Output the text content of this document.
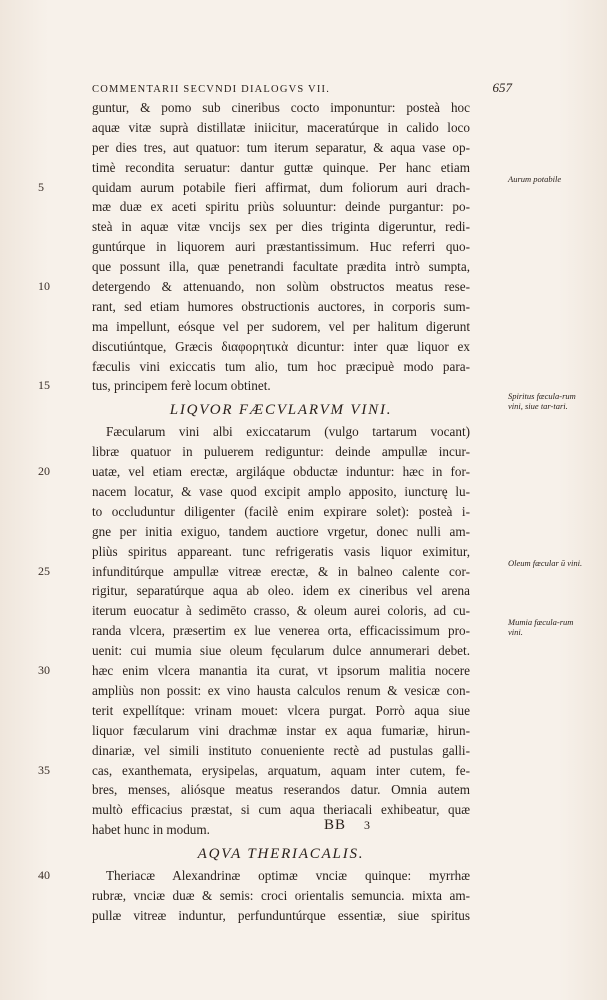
COMMENTARII SECVNDI DIALOGVS VII.	657
guntur, & pomo sub cineribus cocto imponuntur: posteà hoc
aquæ vitæ suprà distillatæ iniicitur, maceratúrque in calido loco
per dies tres, aut quatuor: tum iterum separatur, & aqua vase op-
timè recondita seruatur: dantur guttæ quinque. Per hanc etiam
5	quidam aurum potabile fieri affirmat, dum foliorum auri drach-
mæ duæ ex aceti spiritu priùs soluuntur: deinde purgantur: po-
steà in aquæ vitæ vncijs sex per dies triginta digeruntur, redi-
guntúrque in liquorem auri præstantissimum. Huc referri quo-
que possunt illa, quæ penetrandi facultate prædita intrò sumpta,
10	detergendo & attenuando, non solùm obstructos meatus rese-
rant, sed etiam humores obstructionis auctores, in corporis sum-
ma impellunt, eósque vel per sudorem, vel per halitum digerunt
discutiúntque, Græcis διαφορητικὰ dicuntur: inter quæ liquor ex
fæculis vini exiccatis tum alio, tum hoc præcipuè modo para-
15	tus, principem ferè locum obtinet.
LIQVOR FÆCVLARVM VINI.
Fæcularum vini albi exiccatarum (vulgo tartarum vocant)
libræ quatuor in puluerem rediguntur: deinde ampullæ incur-
20	uatæ, vel etiam erectæ, argiláque obductæ induntur: hæc in for-
nacem locatur, & vase quod excipit amplo apposito, iuncturę lu-
to occluduntur diligenter (facilè enim expirare solet): posteà i-
gne per initia exiguo, tandem auctiore vrgetur, donec nulli am-
pliùs spiritus appareant. tunc refrigeratis vasis liquor eximitur,
25	infunditúrque ampullæ vitreæ erectæ, & in balneo calente cor-
rigitur, separatúrque aqua ab oleo. idem ex cineribus vel arena
iterum euocatur à sedimēto crasso, & oleum aurei coloris, ad cu-
randa vlcera, præsertim ex lue venerea orta, efficacissimum pro-
uenit: cui mumia siue oleum fęcularum dulce annumerari debet.
30	hæc enim vlcera manantia ita curat, vt ipsorum malitia nocere
ampliùs non possit: ex vino hausta calculos renum & vesicæ con-
terit expellítque: vrinam mouet: vlcera purgat. Porrò aqua siue
liquor fæcularum vini drachmæ instar ex aqua fumariæ, hirun-
dinariæ, vel simili instituto conueniente rectè ad pustulas galli-
35	cas, exanthemata, erysipelas, arquatum, aquam inter cutem, fe-
bres, menses, aliósque meatus reserandos datur. Omnia autem
multò efficacius præstat, si cum aqua theriacali exhibeatur, quæ
habet hunc in modum.
AQVA THERIACALIS.
40	Theriacæ Alexandrinæ optimæ vnciæ quinque: myrrhæ
rubræ, vnciæ duæ & semis: croci orientalis semuncia. mixta am-
pullæ vitreæ induntur, perfunduntúrque essentiæ, siue spiritus
Aurum potabile
Spiritus fæcula-rum vini, siue tar-tari.
Oleum fæcular ū vini.
Mumia fæcula-rum vini.
BB 3
